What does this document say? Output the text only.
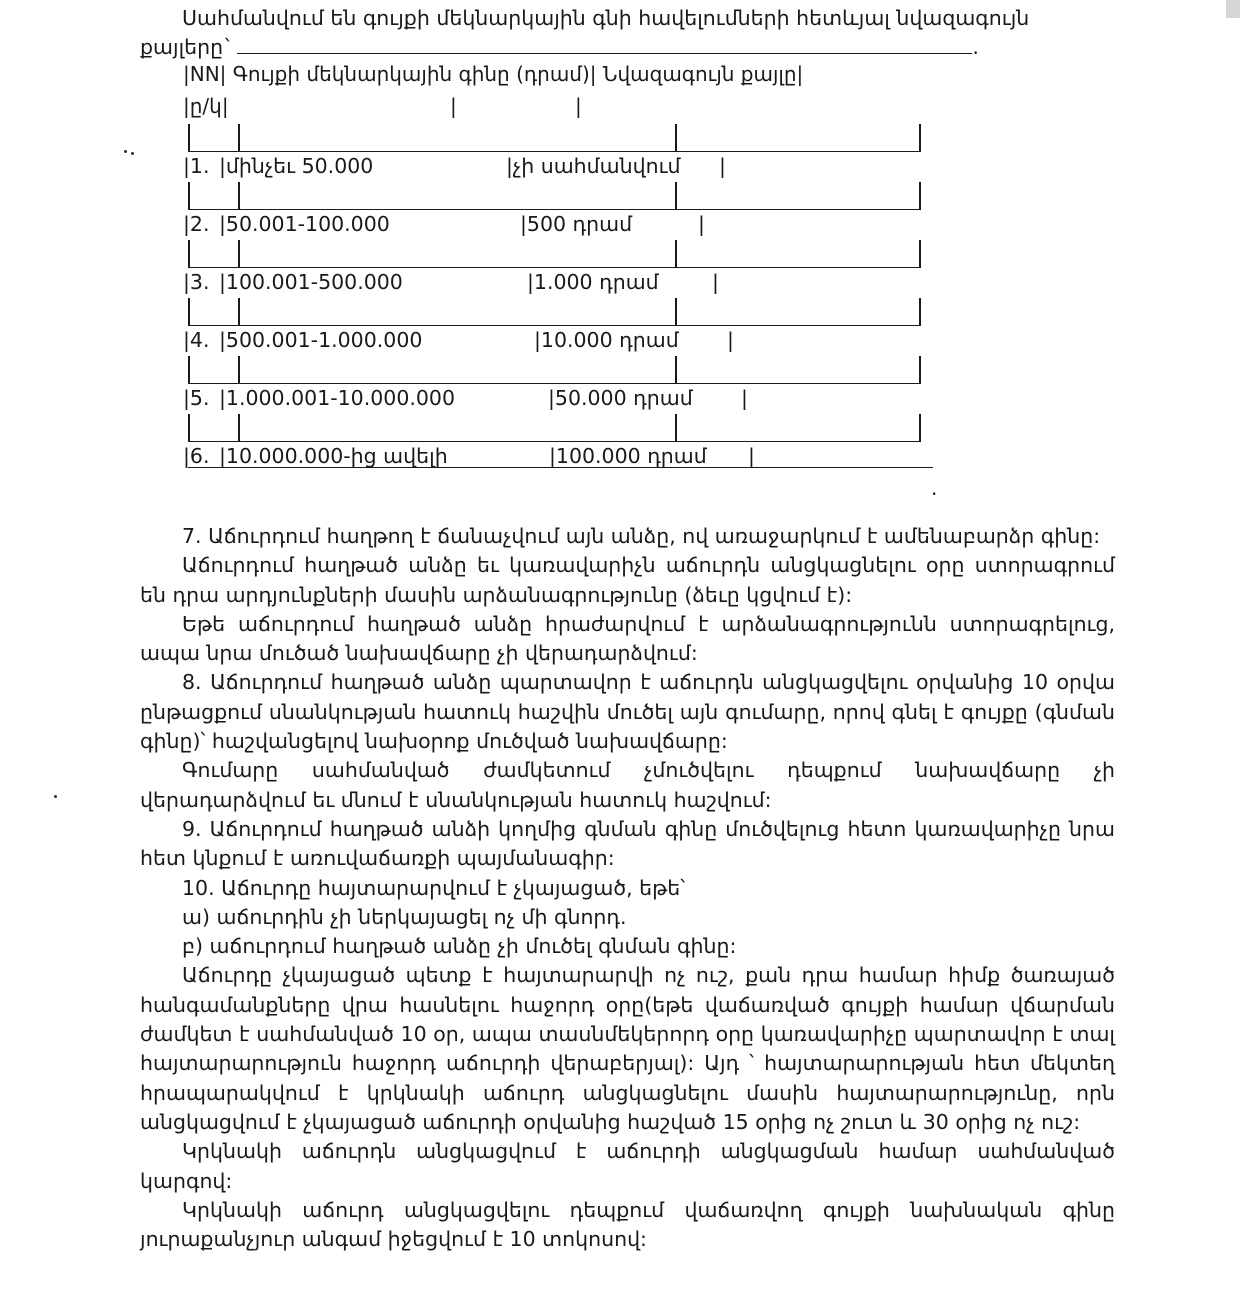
Սահմանվում են գույքի մեկնարկային գնի հավելումների հետևյալ նվազագույն
քայլերը`	.
|NN| Գույքի մեկնարկային գինը (դրամ)| Նվազագույն քայլը|
|ը/կ|	|	|
|1. |մինչեւ 50.000	|չի սահմանվում |
|2. |50.001-100.000	|500 դրամ	|
|3. |100.001-500.000	|1.000 դրամ	|
|4. |500.001-1.000.000	|10.000 դրամ |
|5. |1.000.001-10.000.000	|50.000 դրամ |
|6. |10.000.000-ից ավելի	|100.000 դրամ |
.

7. Աճուրդում հաղթող է ճանաչվում այն անձը, ով առաջարկում է ամենաբարձր գինը:

Աճուրդում հաղթած անձը եւ կառավարիչն աճուրդն անցկացնելու օրը ստորագրում են դրա արդյունքների մասին արձանագրությունը (ձեւը կցվում է):

Եթե աճուրդում հաղթած անձը հրաժարվում է արձանագրությունն ստորագրելուց, ապա նրա մուծած նախավճարը չի վերադարձվում:

8. Աճուրդում հաղթած անձը պարտավոր է աճուրդն անցկացվելու օրվանից 10 օրվա ընթացքում սնանկության հատուկ հաշվին մուծել այն գումարը, որով գնել է գույքը (գնման գինը)՝ հաշվանցելով նախօրոք մուծված նախավճարը:

Գումարը սահմանված ժամկետում չմուծվելու դեպքում նախավճարը չի վերադարձվում եւ մնում է սնանկության հատուկ հաշվում:

9. Աճուրդում հաղթած անձի կողմից գնման գինը մուծվելուց հետո կառավարիչը նրա հետ կնքում է առուվաճառքի պայմանագիր:

10. Աճուրդը հայտարարվում է չկայացած, եթե՝

ա) աճուրդին չի ներկայացել ոչ մի գնորդ.

բ) աճուրդում հաղթած անձը չի մուծել գնման գինը:

Աճուրդը չկայացած պետք է հայտարարվի ոչ ուշ, քան դրա համար հիմք ծառայած հանգամանքները վրա հասնելու հաջորդ օրը(եթե վաճառված գույքի համար վճարման ժամկետ է սահմանված 10 օր, ապա տասնմեկերորդ օրը կառավարիչը պարտավոր է տալ հայտարարություն հաջորդ աճուրդի վերաբերյալ): Այդ ՝ հայտարարության հետ մեկտեղ հրապարակվում է կրկնակի աճուրդ անցկացնելու մասին հայտարարությունը, որն անցկացվում է չկայացած աճուրդի օրվանից հաշված 15 օրից ոչ շուտ և 30 օրից ոչ ուշ:

Կրկնակի աճուրդն անցկացվում է աճուրդի անցկացման համար սահմանված կարգով:

Կրկնակի աճուրդ անցկացվելու դեպքում վաճառվող գույքի նախնական գինը յուրաքանչյուր անգամ իջեցվում է 10 տոկոսով:
